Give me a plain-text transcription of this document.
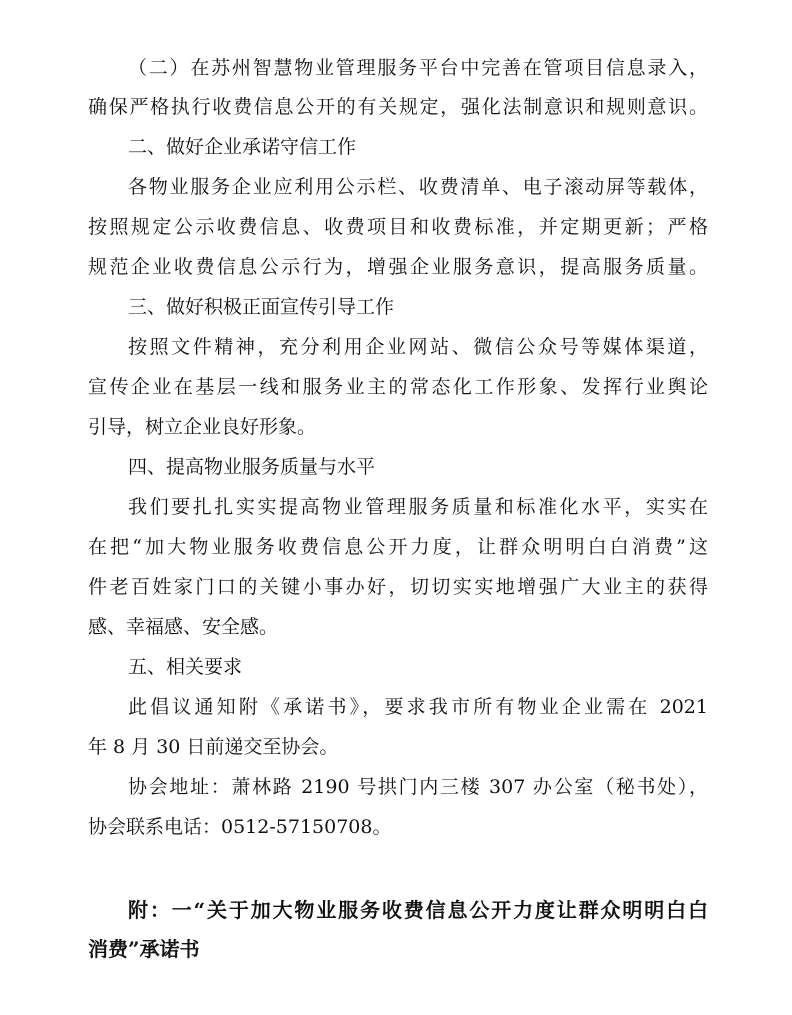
（二）在苏州智慧物业管理服务平台中完善在管项目信息录入，
确保严格执行收费信息公开的有关规定，强化法制意识和规则意识。
二、做好企业承诺守信工作
各物业服务企业应利用公示栏、收费清单、电子滚动屏等载体，
按照规定公示收费信息、收费项目和收费标准，并定期更新；严格
规范企业收费信息公示行为，增强企业服务意识，提高服务质量。
三、做好积极正面宣传引导工作
按照文件精神，充分利用企业网站、微信公众号等媒体渠道，
宣传企业在基层一线和服务业主的常态化工作形象、发挥行业舆论
引导，树立企业良好形象。
四、提高物业服务质量与水平
我们要扎扎实实提高物业管理服务质量和标准化水平，实实在
在把“加大物业服务收费信息公开力度，让群众明明白白消费”这
件老百姓家门口的关键小事办好，切切实实地增强广大业主的获得
感、幸福感、安全感。
五、相关要求
此倡议通知附《承诺书》，要求我市所有物业企业需在 2021
年 8 月 30 日前递交至协会。
协会地址：萧林路 2190 号拱门内三楼 307 办公室（秘书处），
协会联系电话：0512-57150708。
附：一“关于加大物业服务收费信息公开力度让群众明明白白
消费”承诺书
